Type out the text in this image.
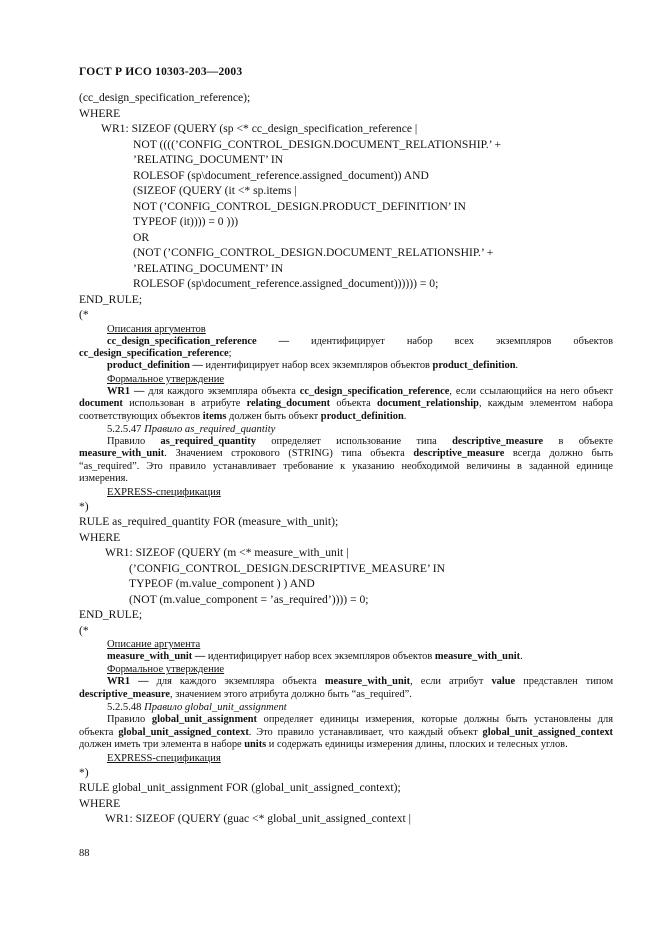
ГОСТ Р ИСО 10303-203—2003
(cc_design_specification_reference);
WHERE
WR1: SIZEOF (QUERY (sp <* cc_design_specification_reference |
NOT ((((’CONFIG_CONTROL_DESIGN.DOCUMENT_RELATIONSHIP.’ +
’RELATING_DOCUMENT’ IN
ROLESOF (sp\document_reference.assigned_document)) AND
(SIZEOF (QUERY (it <* sp.items |
NOT (’CONFIG_CONTROL_DESIGN.PRODUCT_DEFINITION’ IN
TYPEOF (it)))) = 0 )))
OR
(NOT (’CONFIG_CONTROL_DESIGN.DOCUMENT_RELATIONSHIP.’ +
’RELATING_DOCUMENT’ IN
ROLESOF (sp\document_reference.assigned_document)))))) = 0;
END_RULE;
(*
Описания аргументов
cc_design_specification_reference — идентифицирует набор всех экземпляров объектов cc_design_specification_reference;
product_definition — идентифицирует набор всех экземпляров объектов product_definition.
Формальное утверждение
WR1 — для каждого экземпляра объекта cc_design_specification_reference, если ссылающийся на него объект document использован в атрибуте relating_document объекта document_relationship, каждым элементом набора соответствующих объектов items должен быть объект product_definition.
5.2.5.47 Правило as_required_quantity
Правило as_required_quantity определяет использование типа descriptive_measure в объекте measure_with_unit. Значением строкового (STRING) типа объекта descriptive_measure всегда должно быть “as_required”. Это правило устанавливает требование к указанию необходимой величины в заданной единице измерения.
EXPRESS-спецификация
*)
RULE as_required_quantity FOR (measure_with_unit);
WHERE
WR1: SIZEOF (QUERY (m <* measure_with_unit |
(’CONFIG_CONTROL_DESIGN.DESCRIPTIVE_MEASURE’ IN
TYPEOF (m.value_component ) ) AND
(NOT (m.value_component = ’as_required’)))) = 0;
END_RULE;
(*
Описание аргумента
measure_with_unit — идентифицирует набор всех экземпляров объектов measure_with_unit.
Формальное утверждение
WR1 — для каждого экземпляра объекта measure_with_unit, если атрибут value представлен типом descriptive_measure, значением этого атрибута должно быть “as_required”.
5.2.5.48 Правило global_unit_assignment
Правило global_unit_assignment определяет единицы измерения, которые должны быть установлены для объекта global_unit_assigned_context. Это правило устанавливает, что каждый объект global_unit_assigned_context должен иметь три элемента в наборе units и содержать единицы измерения длины, плоских и телесных углов.
EXPRESS-спецификация
*)
RULE global_unit_assignment FOR (global_unit_assigned_context);
WHERE
WR1: SIZEOF (QUERY (guac <* global_unit_assigned_context |
88
